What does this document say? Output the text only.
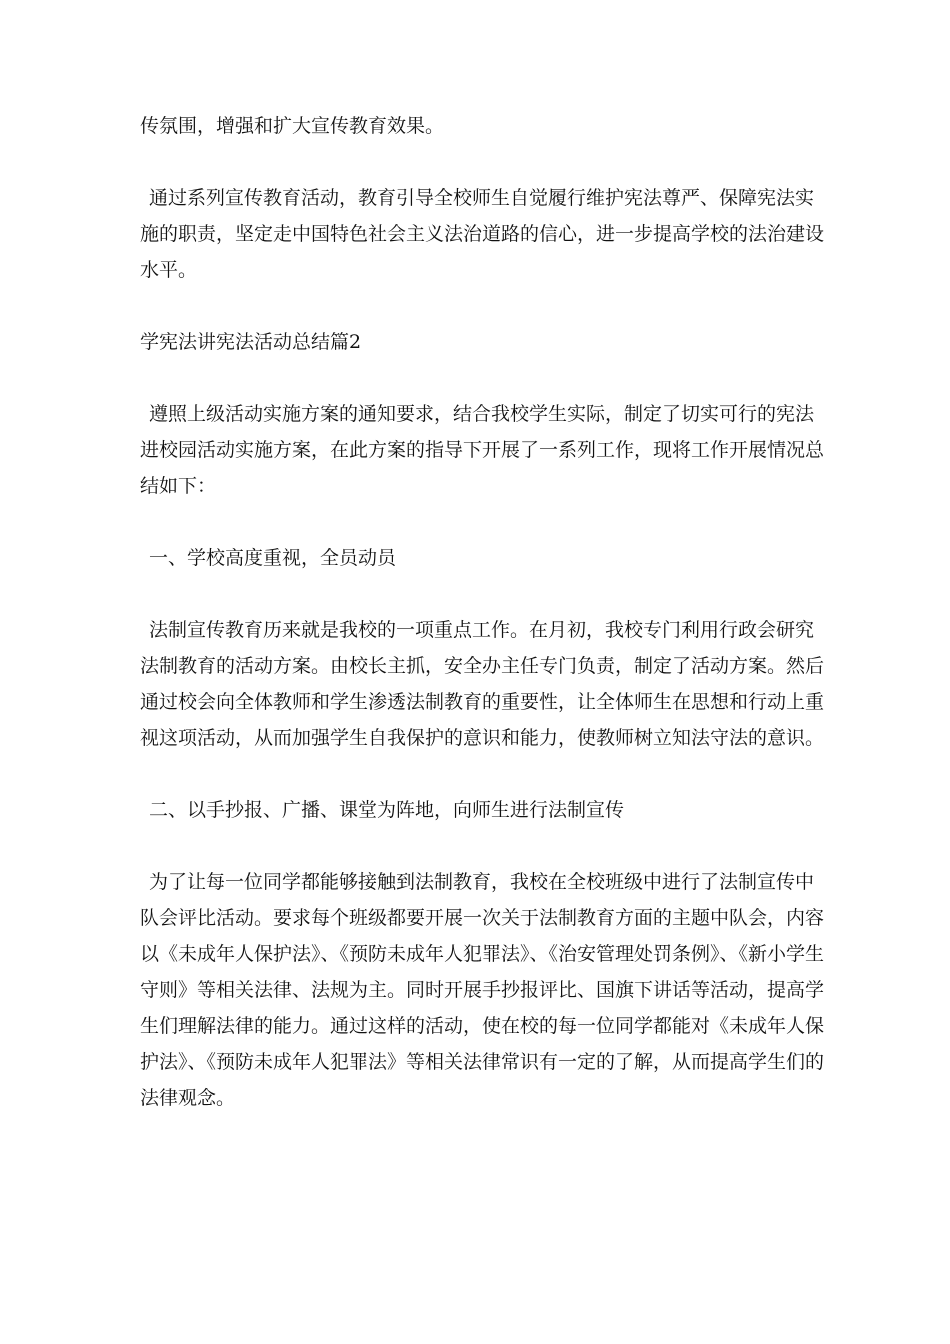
传氛围，增强和扩大宣传教育效果。

通过系列宣传教育活动，教育引导全校师生自觉履行维护宪法尊严、保障宪法实施的职责，坚定走中国特色社会主义法治道路的信心，进一步提高学校的法治建设水平。

学宪法讲宪法活动总结篇2

遵照上级活动实施方案的通知要求，结合我校学生实际，制定了切实可行的宪法进校园活动实施方案，在此方案的指导下开展了一系列工作，现将工作开展情况总结如下：

一、学校高度重视，全员动员

法制宣传教育历来就是我校的一项重点工作。在月初，我校专门利用行政会研究法制教育的活动方案。由校长主抓，安全办主任专门负责，制定了活动方案。然后通过校会向全体教师和学生渗透法制教育的重要性，让全体师生在思想和行动上重视这项活动，从而加强学生自我保护的意识和能力，使教师树立知法守法的意识。

二、以手抄报、广播、课堂为阵地，向师生进行法制宣传

为了让每一位同学都能够接触到法制教育，我校在全校班级中进行了法制宣传中队会评比活动。要求每个班级都要开展一次关于法制教育方面的主题中队会，内容以《未成年人保护法》、《预防未成年人犯罪法》、《治安管理处罚条例》、《新小学生守则》等相关法律、法规为主。同时开展手抄报评比、国旗下讲话等活动，提高学生们理解法律的能力。通过这样的活动，使在校的每一位同学都能对《未成年人保护法》、《预防未成年人犯罪法》等相关法律常识有一定的了解，从而提高学生们的法律观念。
